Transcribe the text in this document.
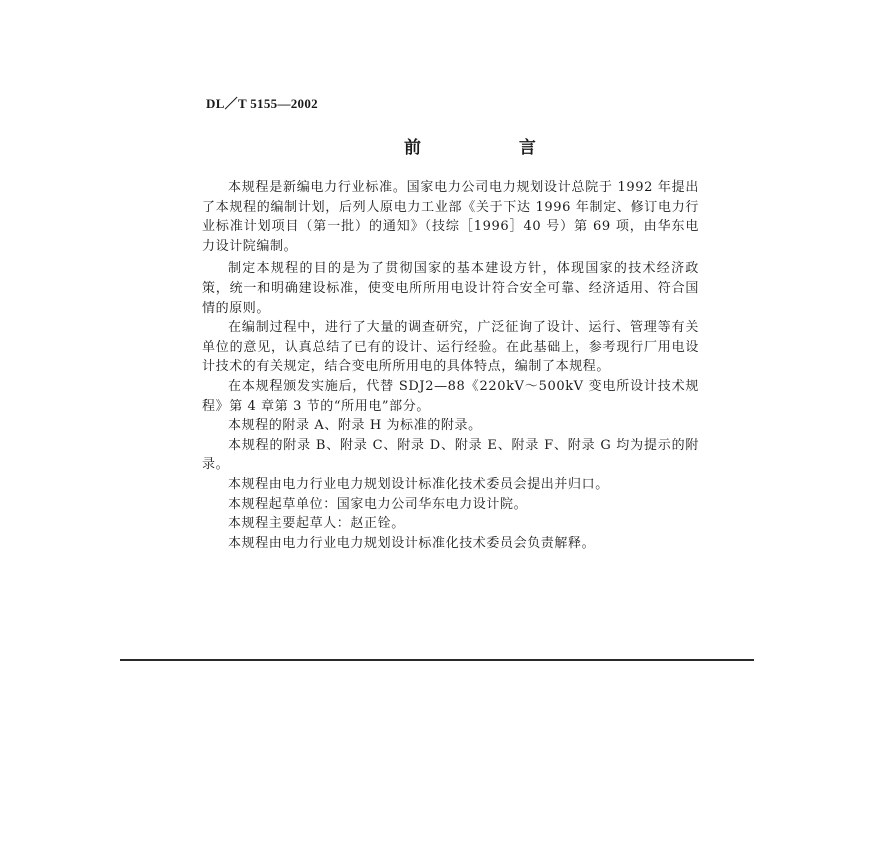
DL／T 5155—2002
前 言

本规程是新编电力行业标准。国家电力公司电力规划设计总院于 1992 年提出了本规程的编制计划，后列人原电力工业部《关于下达 1996 年制定、修订电力行业标准计划项目（第一批）的通知》（技综［1996］40 号）第 69 项，由华东电力设计院编制。

制定本规程的目的是为了贯彻国家的基本建设方针，体现国家的技术经济政策，统一和明确建设标准，使变电所所用电设计符合安全可靠、经济适用、符合国情的原则。

在编制过程中，进行了大量的调查研究，广泛征询了设计、运行、管理等有关单位的意见，认真总结了已有的设计、运行经验。在此基础上，参考现行厂用电设计技术的有关规定，结合变电所所用电的具体特点，编制了本规程。

在本规程颁发实施后，代替 SDJ2—88《220kV～500kV 变电所设计技术规程》第 4 章第 3 节的“所用电”部分。

本规程的附录 A、附录 H 为标准的附录。

本规程的附录 B、附录 C、附录 D、附录 E、附录 F、附录 G 均为提示的附录。

本规程由电力行业电力规划设计标准化技术委员会提出并归口。

本规程起草单位：国家电力公司华东电力设计院。

本规程主要起草人：赵正铨。

本规程由电力行业电力规划设计标准化技术委员会负责解释。
